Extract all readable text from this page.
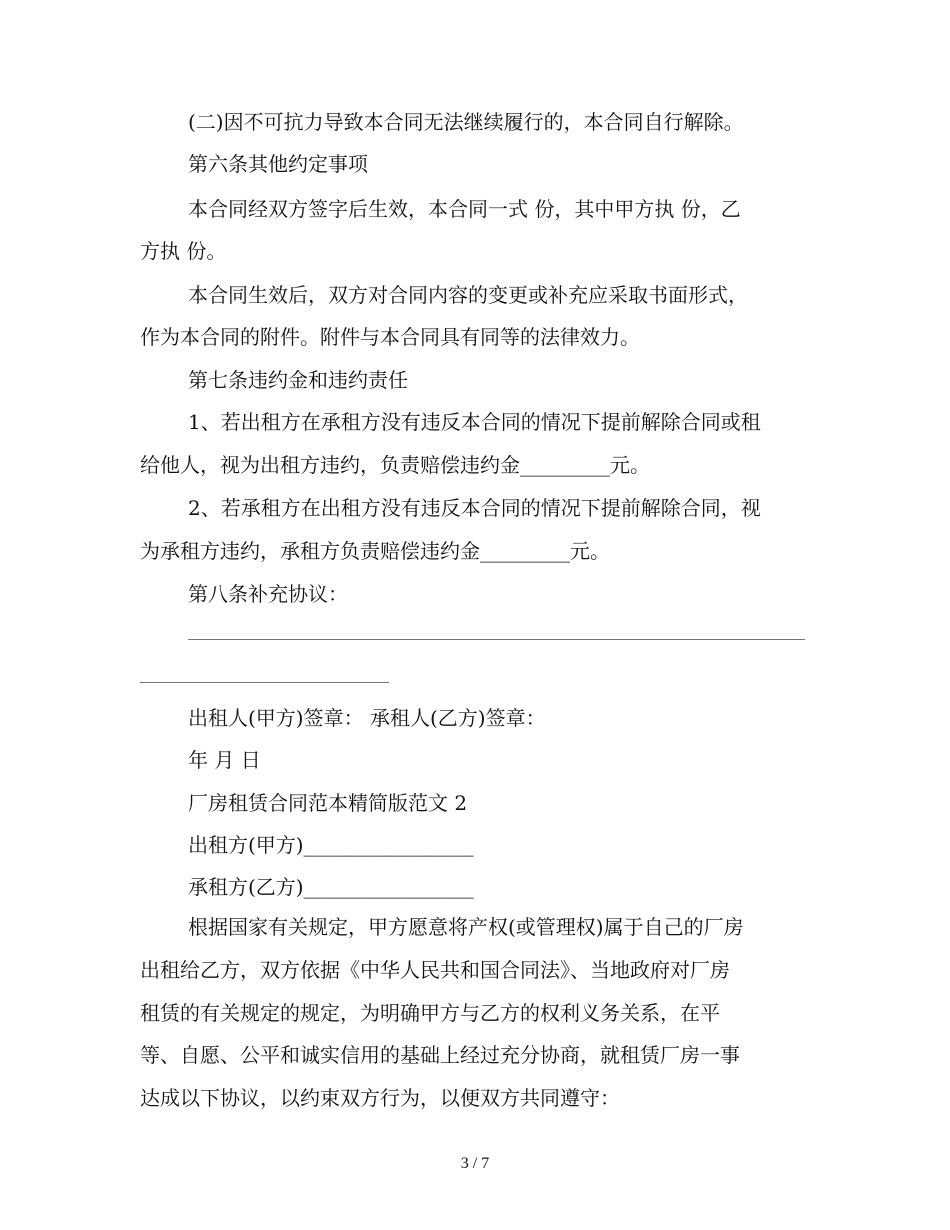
(二)因不可抗力导致本合同无法继续履行的，本合同自行解除。
第六条其他约定事项
本合同经双方签字后生效，本合同一式 份，其中甲方执 份，乙
方执 份。
本合同生效后，双方对合同内容的变更或补充应采取书面形式，
作为本合同的附件。附件与本合同具有同等的法律效力。
第七条违约金和违约责任
1、若出租方在承租方没有违反本合同的情况下提前解除合同或租
给他人，视为出租方违约，负责赔偿违约金_________元。
2、若承租方在出租方没有违反本合同的情况下提前解除合同，视
为承租方违约，承租方负责赔偿违约金_________元。
第八条补充协议：
出租人(甲方)签章： 承租人(乙方)签章：
年 月 日
厂房租赁合同范本精简版范文 2
出租方(甲方)_________________
承租方(乙方)_________________
根据国家有关规定，甲方愿意将产权(或管理权)属于自己的厂房
出租给乙方，双方依据《中华人民共和国合同法》、当地政府对厂房
租赁的有关规定的规定，为明确甲方与乙方的权利义务关系，在平
等、自愿、公平和诚实信用的基础上经过充分协商，就租赁厂房一事
达成以下协议，以约束双方行为，以便双方共同遵守：
3 / 7
